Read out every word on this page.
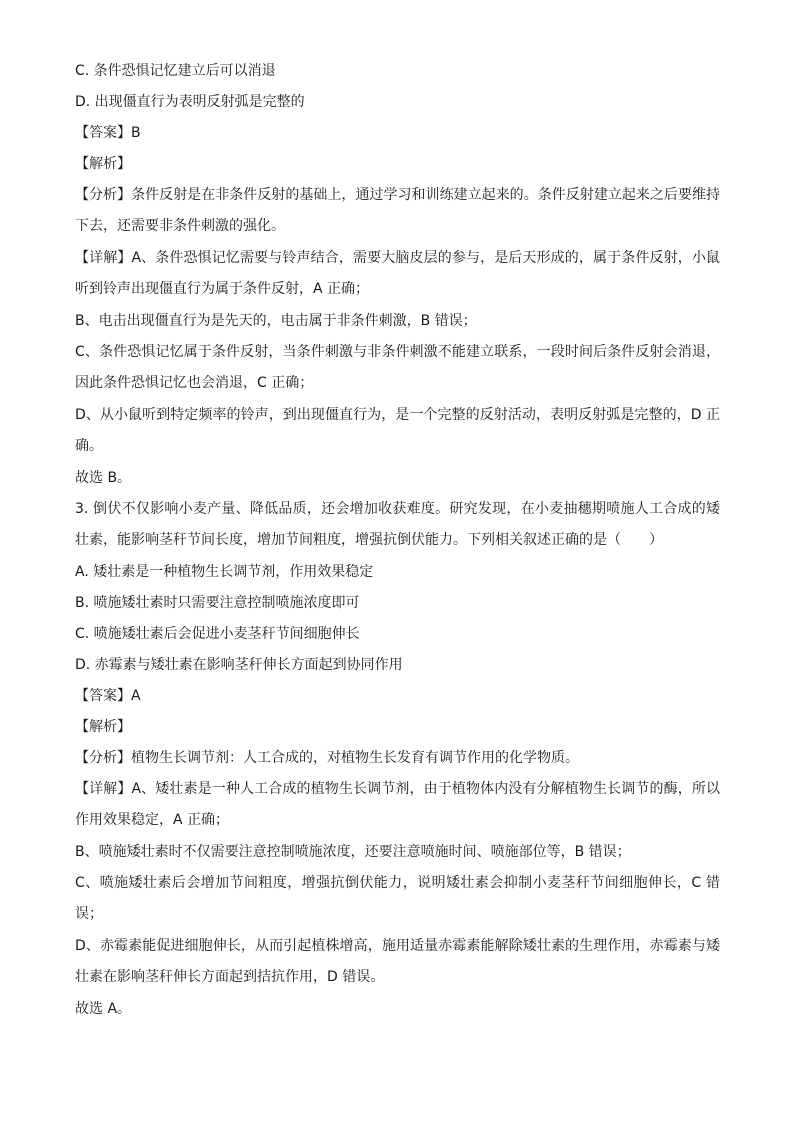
C. 条件恐惧记忆建立后可以消退
D. 出现僵直行为表明反射弧是完整的
【答案】B
【解析】
【分析】条件反射是在非条件反射的基础上，通过学习和训练建立起来的。条件反射建立起来之后要维持下去，还需要非条件刺激的强化。
【详解】A、条件恐惧记忆需要与铃声结合，需要大脑皮层的参与，是后天形成的，属于条件反射，小鼠听到铃声出现僵直行为属于条件反射，A 正确；
B、电击出现僵直行为是先天的，电击属于非条件刺激，B 错误；
C、条件恐惧记忆属于条件反射，当条件刺激与非条件刺激不能建立联系，一段时间后条件反射会消退，因此条件恐惧记忆也会消退，C 正确；
D、从小鼠听到特定频率的铃声，到出现僵直行为，是一个完整的反射活动，表明反射弧是完整的，D 正确。
故选 B。
3. 倒伏不仅影响小麦产量、降低品质，还会增加收获难度。研究发现，在小麦抽穗期喷施人工合成的矮壮素，能影响茎秆节间长度，增加节间粗度，增强抗倒伏能力。下列相关叙述正确的是（　　）
A. 矮壮素是一种植物生长调节剂，作用效果稳定
B. 喷施矮壮素时只需要注意控制喷施浓度即可
C. 喷施矮壮素后会促进小麦茎秆节间细胞伸长
D. 赤霉素与矮壮素在影响茎秆伸长方面起到协同作用
【答案】A
【解析】
【分析】植物生长调节剂：人工合成的，对植物生长发育有调节作用的化学物质。
【详解】A、矮壮素是一种人工合成的植物生长调节剂，由于植物体内没有分解植物生长调节的酶，所以作用效果稳定，A 正确；
B、喷施矮壮素时不仅需要注意控制喷施浓度，还要注意喷施时间、喷施部位等，B 错误；
C、喷施矮壮素后会增加节间粗度，增强抗倒伏能力，说明矮壮素会抑制小麦茎秆节间细胞伸长，C 错误；
D、赤霉素能促进细胞伸长，从而引起植株增高，施用适量赤霉素能解除矮壮素的生理作用，赤霉素与矮壮素在影响茎秆伸长方面起到拮抗作用，D 错误。
故选 A。
